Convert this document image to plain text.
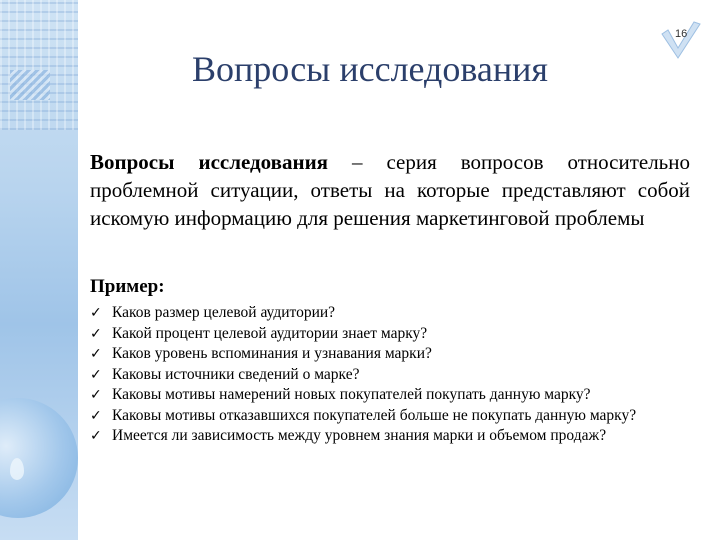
16
Вопросы исследования
Вопросы исследования – серия вопросов относительно проблемной ситуации, ответы на которые представляют собой искомую информацию для решения маркетинговой проблемы
Пример:
✓ Каков размер целевой аудитории?
✓ Какой процент целевой аудитории знает марку?
✓ Каков уровень вспоминания и узнавания марки?
✓ Каковы источники сведений о марке?
✓ Каковы мотивы намерений новых покупателей покупать данную марку?
✓ Каковы мотивы отказавшихся покупателей больше не покупать данную марку?
✓ Имеется ли зависимость между уровнем знания марки и объемом продаж?
